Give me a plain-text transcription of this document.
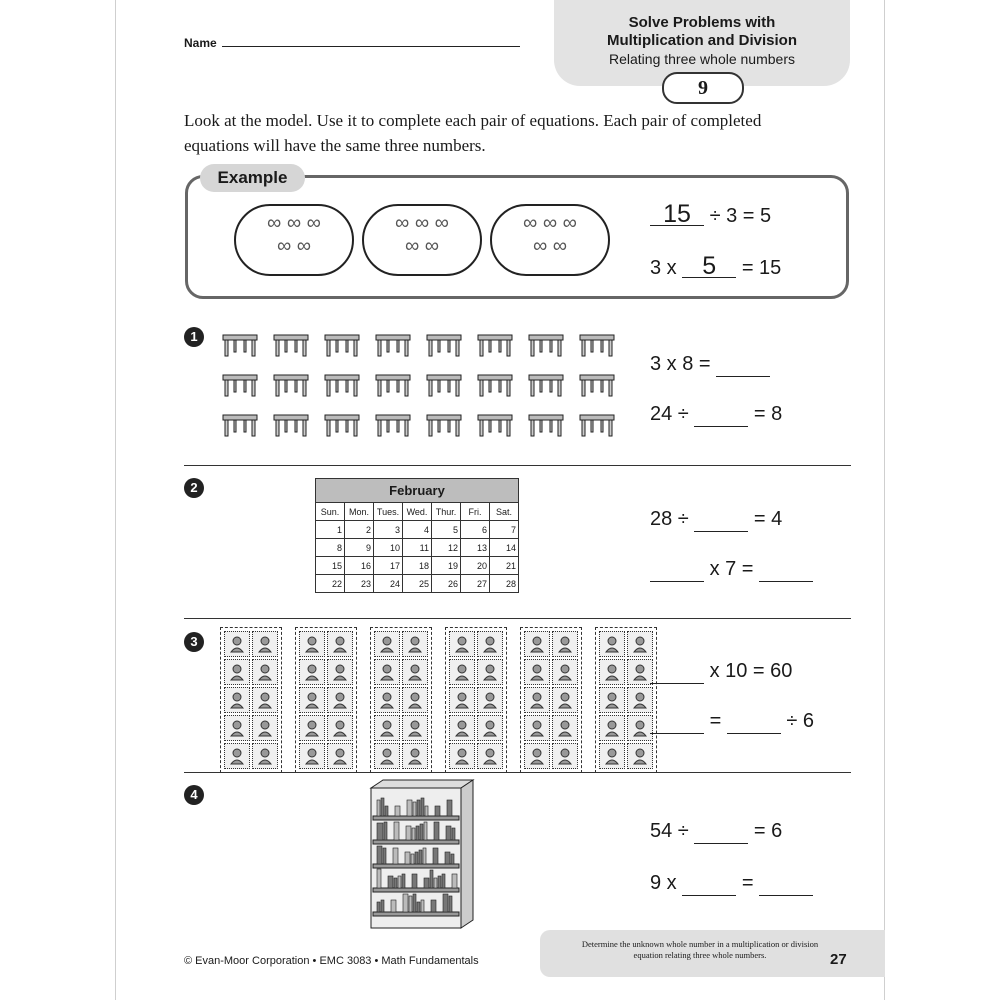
Name
Solve Problems with
Multiplication and Division
Relating three whole numbers
9
Look at the model. Use it to complete each pair of equations. Each pair of completed equations will have the same three numbers.
Example
∞ ∞ ∞
∞ ∞
∞ ∞ ∞
∞ ∞
∞ ∞ ∞
∞ ∞
15 ÷ 3 = 5
3 x 5 = 15
1
3 x 8 =
24 ÷	= 8
2	February						
Sun.	Mon.	Tues.	Wed.	Thur.	Fri.	Sat.
1	2	3	4	5	6	7
8	9	10	11	12	13	14
15	16	17	18	19	20	21
22	23	24	25	26	27	28
28 ÷	= 4
x 7 =
3
x 10 = 60
=	÷ 6
4
54 ÷	= 6
9 x	=
© Evan-Moor Corporation • EMC 3083 • Math Fundamentals
Determine the unknown whole number in a multiplication or division equation relating three whole numbers.	27
